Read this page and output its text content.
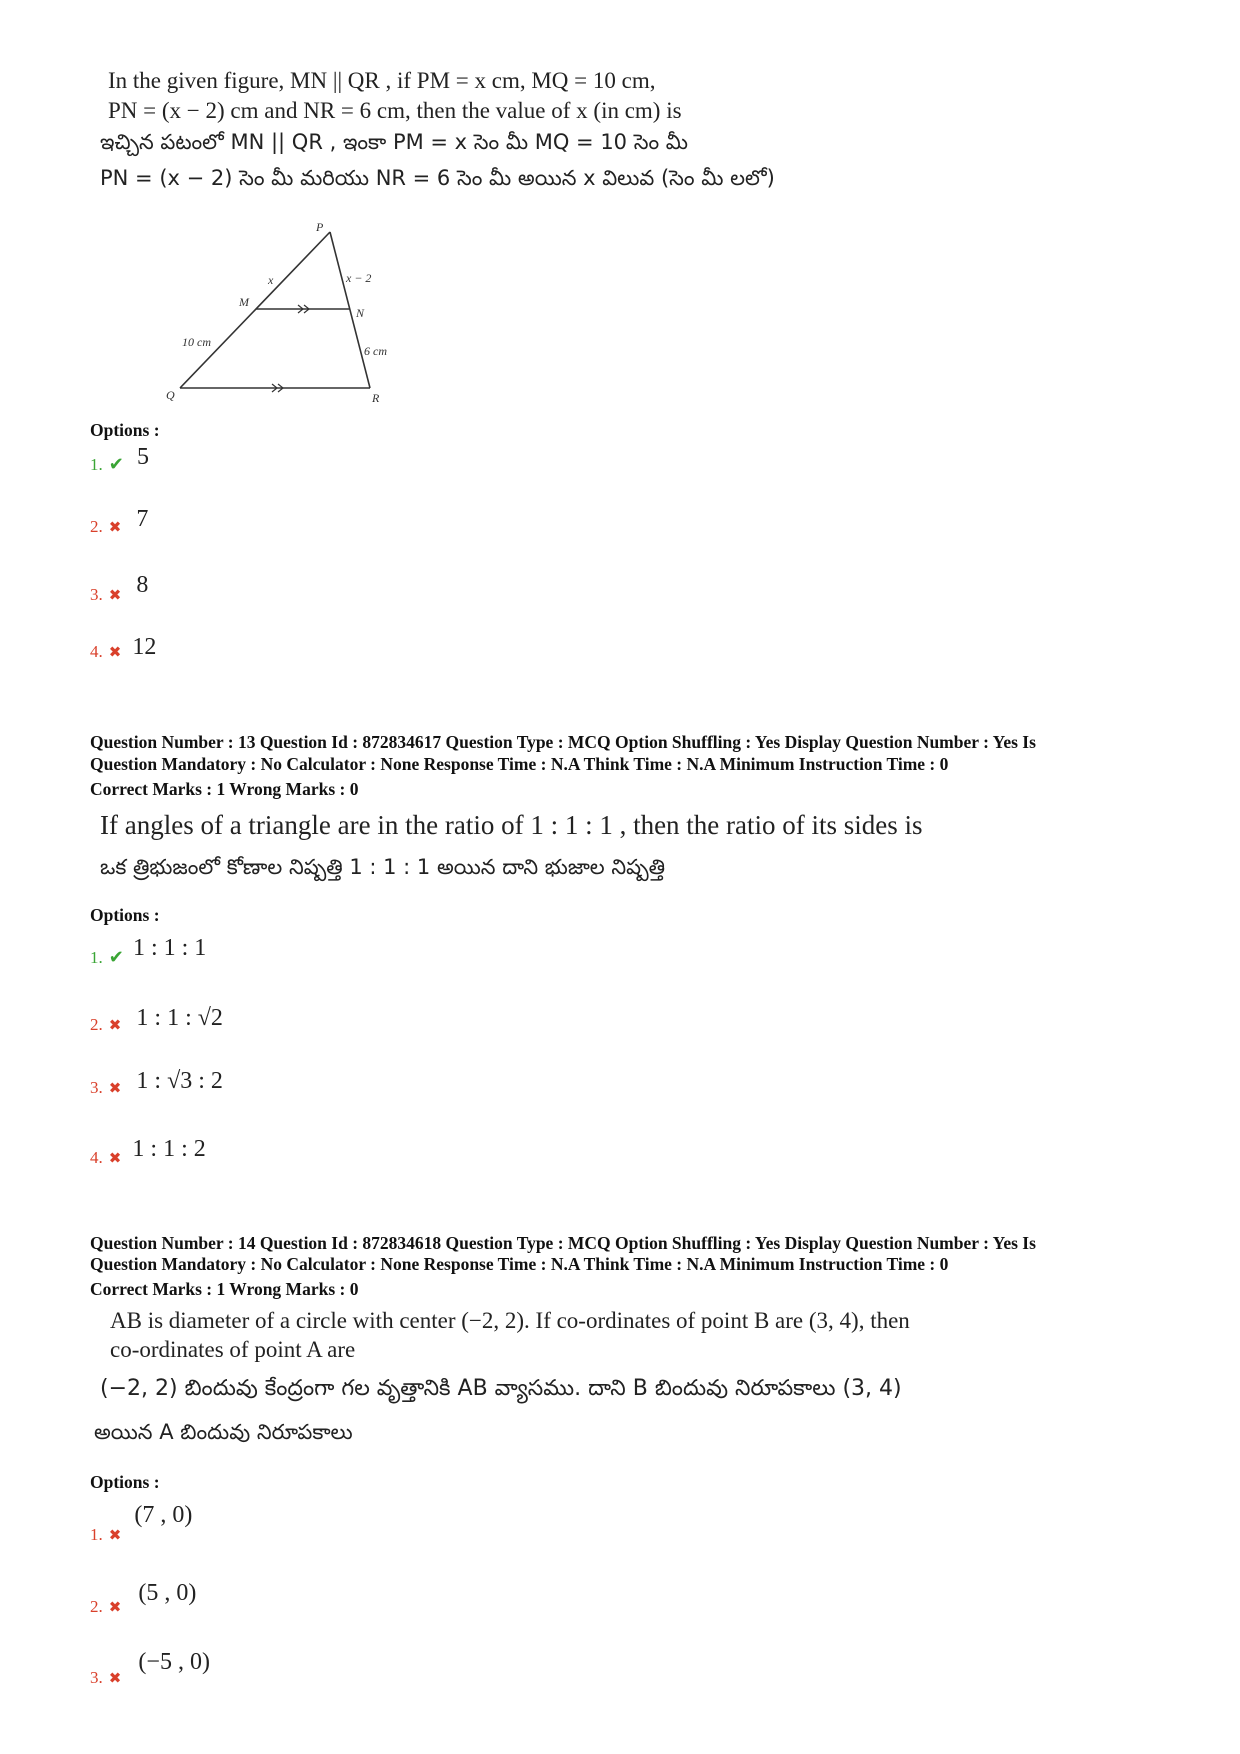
In the given figure, MN || QR , if PM = x cm, MQ = 10 cm,
PN = (x − 2) cm and NR = 6 cm, then the value of x (in cm) is
ఇచ్చిన పటంలో MN || QR , ఇంకా PM = x సెం మీ MQ = 10 సెం మీ
PN = (x − 2) సెం మీ మరియు NR = 6 సెం మీ అయిన x విలువ (సెం మీ లలో)
P
M
N
Q	R
x	x − 2
10 cm
6 cm
Options :
1. ✔ 5
2. ✖ 7
3. ✖ 8
4. ✖ 12
Question Number : 13 Question Id : 872834617 Question Type : MCQ Option Shuffling : Yes Display Question Number : Yes Is
Question Mandatory : No Calculator : None Response Time : N.A Think Time : N.A Minimum Instruction Time : 0
Correct Marks : 1 Wrong Marks : 0
If angles of a triangle are in the ratio of 1 : 1 : 1 , then the ratio of its sides is
ఒక త్రిభుజంలో కోణాల నిష్పత్తి 1 : 1 : 1 అయిన దాని భుజాల నిష్పత్తి
Options :
1. ✔ 1 : 1 : 1
2. ✖ 1 : 1 : √2
3. ✖ 1 : √3 : 2
4. ✖ 1 : 1 : 2
Question Number : 14 Question Id : 872834618 Question Type : MCQ Option Shuffling : Yes Display Question Number : Yes Is
Question Mandatory : No Calculator : None Response Time : N.A Think Time : N.A Minimum Instruction Time : 0
Correct Marks : 1 Wrong Marks : 0
AB is diameter of a circle with center (−2, 2). If co-ordinates of point B are (3, 4), then
co-ordinates of point A are
(−2, 2) బిందువు కేంద్రంగా గల వృత్తానికి AB వ్యాసము. దాని B బిందువు నిరూపకాలు (3, 4)
అయిన A బిందువు నిరూపకాలు
Options :
1. ✖ (7 , 0)
2. ✖ (5 , 0)
3. ✖ (−5 , 0)
